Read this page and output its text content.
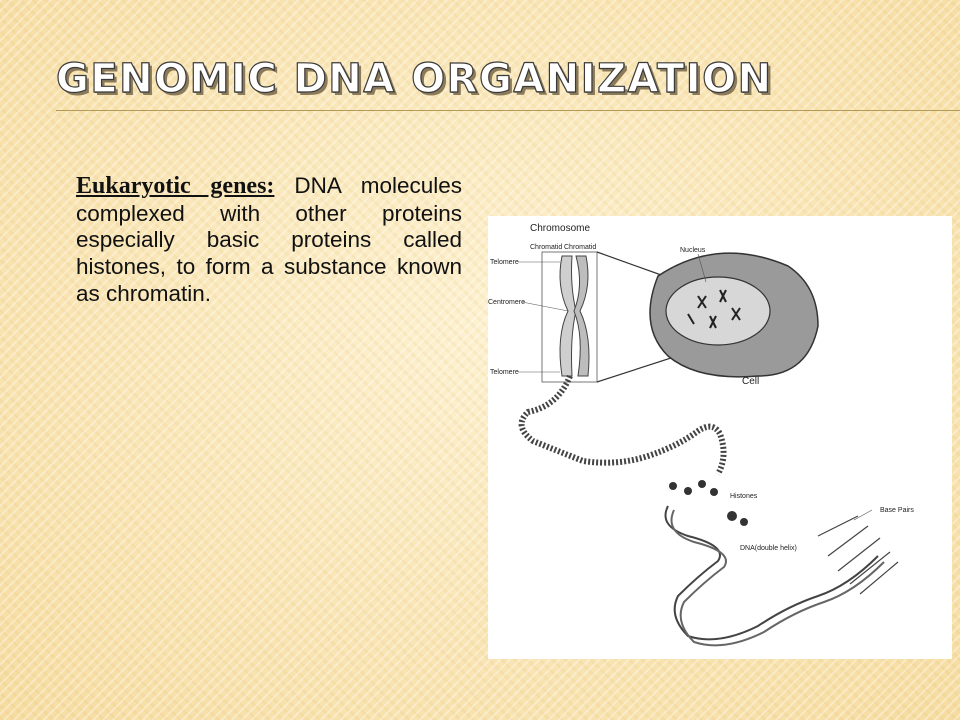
GENOMIC DNA ORGANIZATION
Eukaryotic genes: DNA molecules complexed with other proteins especially basic proteins called histones, to form a substance known as chromatin.
Chromosome
Chromatid Chromatid
Telomere
Centromere
Telomere
Nucleus
Cell
Histones
Base Pairs
DNA(double helix)
